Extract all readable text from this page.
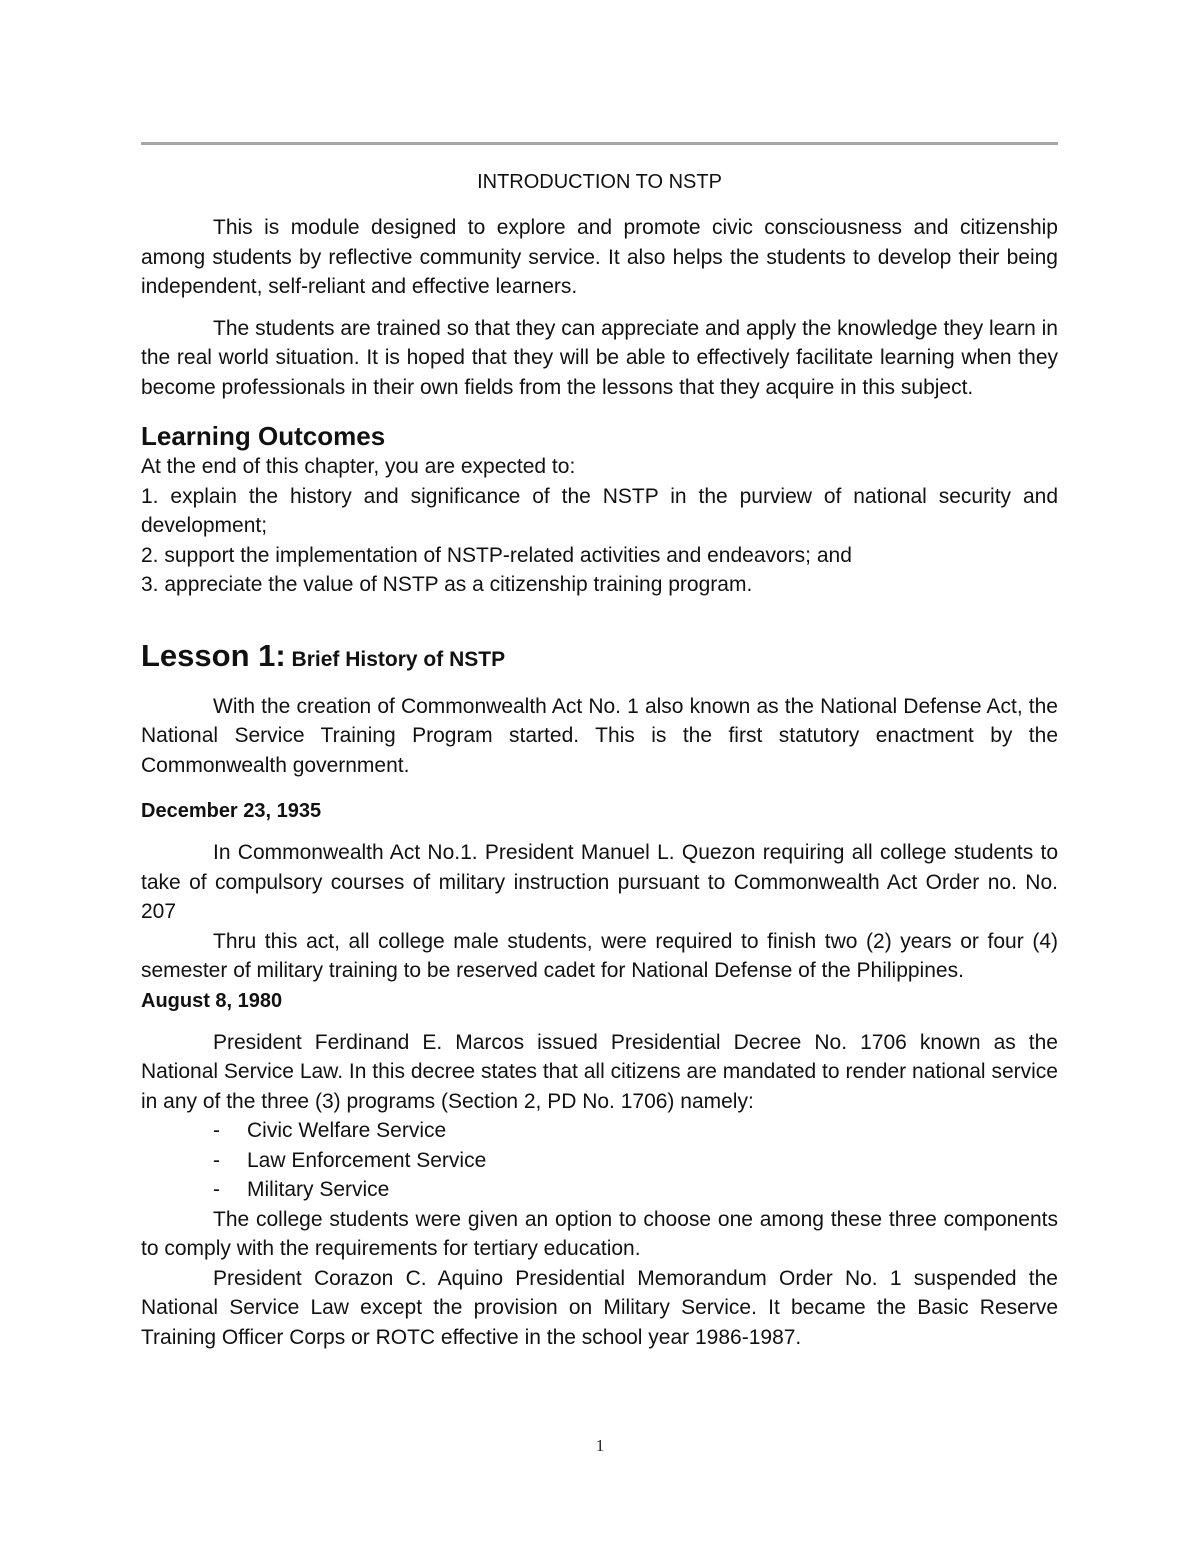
INTRODUCTION TO NSTP

This is module designed to explore and promote civic consciousness and citizenship among students by reflective community service. It also helps the students to develop their being independent, self-reliant and effective learners.

The students are trained so that they can appreciate and apply the knowledge they learn in the real world situation. It is hoped that they will be able to effectively facilitate learning when they become professionals in their own fields from the lessons that they acquire in this subject.

Learning Outcomes

At the end of this chapter, you are expected to:

1. explain the history and significance of the NSTP in the purview of national security and development;

2. support the implementation of NSTP-related activities and endeavors; and

3. appreciate the value of NSTP as a citizenship training program.

Lesson 1: Brief History of NSTP

With the creation of Commonwealth Act No. 1 also known as the National Defense Act, the National Service Training Program started. This is the first statutory enactment by the Commonwealth government.

December 23, 1935

In Commonwealth Act No.1. President Manuel L. Quezon requiring all college students to take of compulsory courses of military instruction pursuant to Commonwealth Act Order no. No. 207

Thru this act, all college male students, were required to finish two (2) years or four (4) semester of military training to be reserved cadet for National Defense of the Philippines.

August 8, 1980

President Ferdinand E. Marcos issued Presidential Decree No. 1706 known as the National Service Law. In this decree states that all citizens are mandated to render national service in any of the three (3) programs (Section 2, PD No. 1706) namely:

- Civic Welfare Service
- Law Enforcement Service
- Military Service

The college students were given an option to choose one among these three components to comply with the requirements for tertiary education.

President Corazon C. Aquino Presidential Memorandum Order No. 1 suspended the National Service Law except the provision on Military Service. It became the Basic Reserve Training Officer Corps or ROTC effective in the school year 1986-1987.

1
